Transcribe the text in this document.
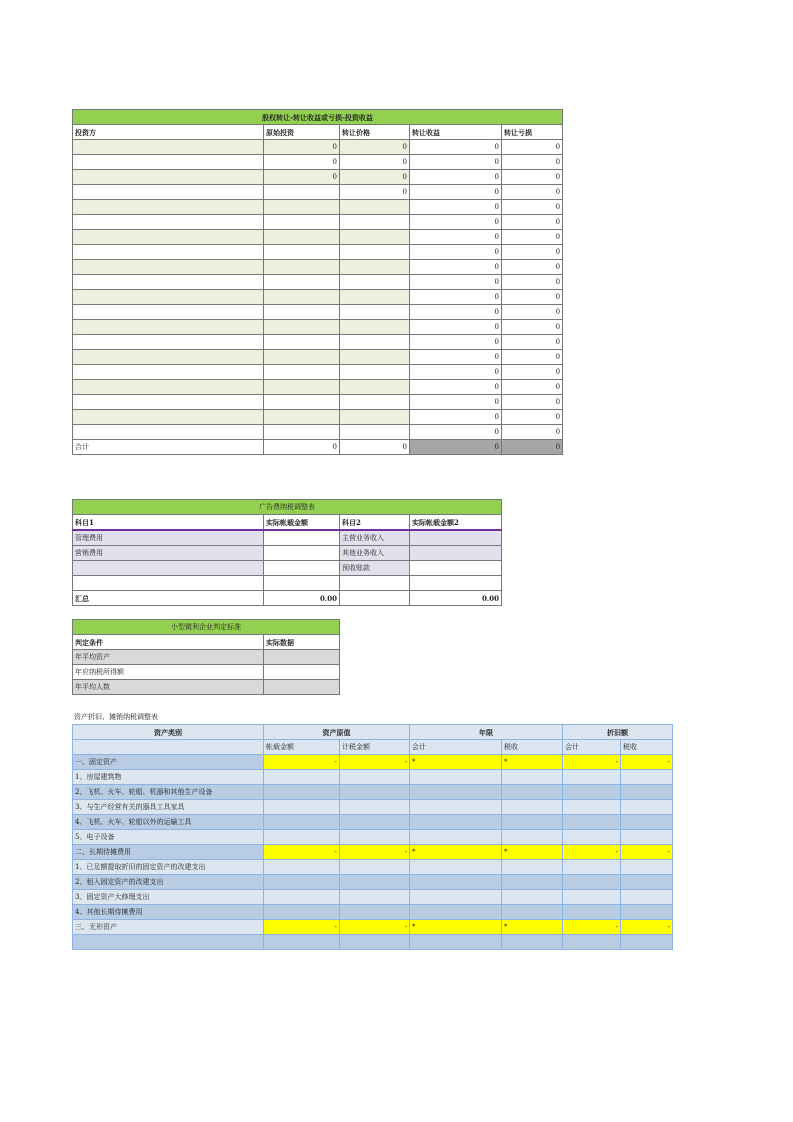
股权转让-转让收益或亏损-投资收益				
投资方	原始投资	转让价格	转让收益	转让亏损
	0	0	0	0
	0	0	0	0
	0	0	0	0
		0	0	0
			0	0
			0	0
			0	0
			0	0
			0	0
			0	0
			0	0
			0	0
			0	0
			0	0
			0	0
			0	0
			0	0
			0	0
			0	0
			0	0
合计	0	0	0	0
广告费纳税调整表			
科目1	实际帐载金额	科目2	实际帐载金额2
管理费用		主营业务收入	
营销费用		其他业务收入	
		预收账款	

汇总	0.00		0.00
小型微利企业判定标准	
判定条件	实际数据
年平均资产	
年应纳税所得额	
年平均人数	
资产折旧、摊销纳税调整表
资产类别	资产原值		年限		折旧额	
	帐载金额	计税金额	会计	税收	会计	税收
一、固定资产	-	-	*	*	-	-
1、房屋建筑物						
2、飞机、火车、轮船、机器和其他生产设备						
3、与生产经营有关的器具工具家具						
4、飞机、火车、轮船以外的运输工具						
5、电子设备						
二、长期待摊费用	-	-	*	*	-	-
1、已足额提取折旧的固定资产的改建支出						
2、租入固定资产的改建支出						
3、固定资产大修理支出						
4、其他长期待摊费用						
三、无形资产	-	-	*	*	-	-
